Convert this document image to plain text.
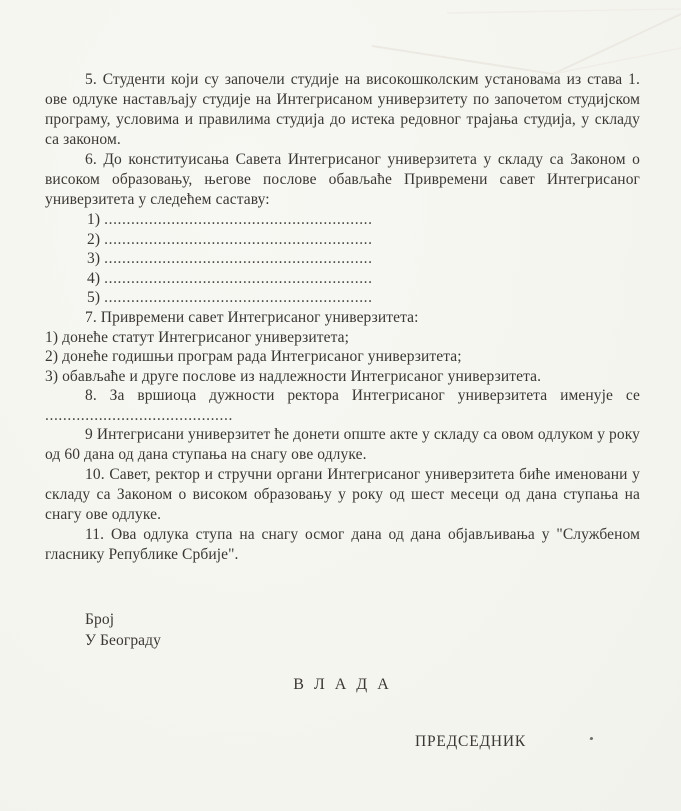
5. Студенти који су започели студије на високошколским установама из става 1. ове одлуке настављају студије на Интегрисаном универзитету по започетом студијском програму, условима и правилима студија до истека редовног трајања студија, у складу са законом.

6. До конституисања Савета Интегрисаног универзитета у складу са Законом о високом образовању, његове послове обављаће Привремени савет Интегрисаног универзитета у следећем саставу:

1) ............................................................
2) ............................................................
3) ............................................................
4) ............................................................
5) ............................................................

7. Привремени савет Интегрисаног универзитета:

1) донеће статут Интегрисаног универзитета;

2) донеће годишњи програм рада Интегрисаног универзитета;

3) обављаће и друге послове из надлежности Интегрисаног универзитета.

8. За вршиоца дужности ректора Интегрисаног универзитета именује се

..........................................

9 Интегрисани универзитет ће донети опште акте у складу са овом одлуком у року од 60 дана од дана ступања на снагу ове одлуке.

10. Савет, ректор и стручни органи Интегрисаног универзитета биће именовани у складу са Законом о високом образовању у року од шест месеци од дана ступања на снагу ове одлуке.

11. Ова одлука ступа на снагу осмог дана од дана објављивања у "Службеном гласнику Републике Србије".

Број
У Београду
В Л А Д А
ПРЕДСЕДНИК
